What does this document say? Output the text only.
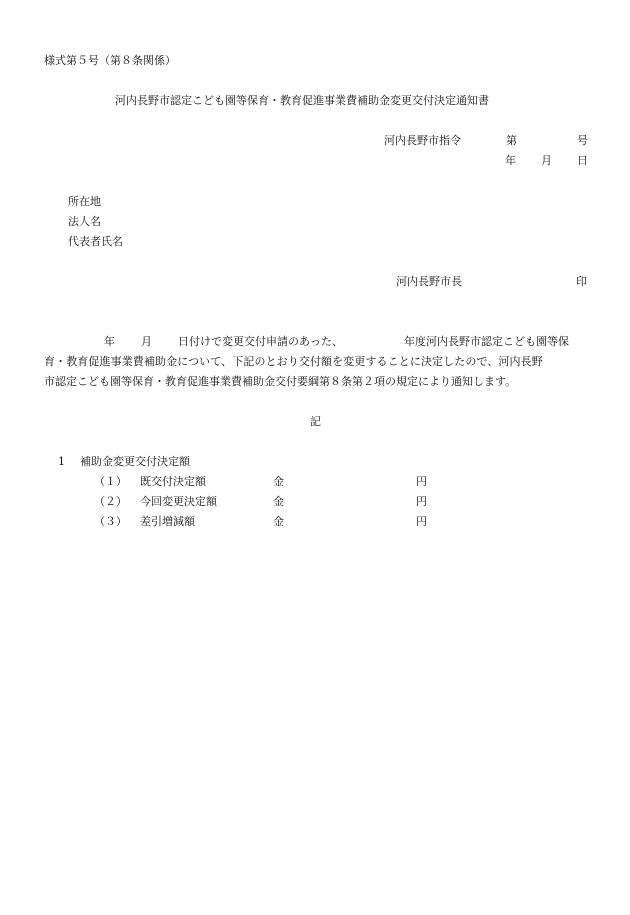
様式第５号（第８条関係）
河内長野市認定こども園等保育・教育促進事業費補助金変更交付決定通知書
河内長野市指令	第	号
年 月 日
所在地
法人名
代表者氏名
河内長野市長	印
年 月 日付けで変更交付申請のあった、	年度河内長野市認定こども園等保
育・教育促進事業費補助金について、下記のとおり交付額を変更することに決定したので、河内長野
市認定こども園等保育・教育促進事業費補助金交付要綱第８条第２項の規定により通知します。
記
1 補助金変更交付決定額
（１） 既交付決定額	金	円
（２） 今回変更決定額	金	円
（３） 差引増減額	金	円
